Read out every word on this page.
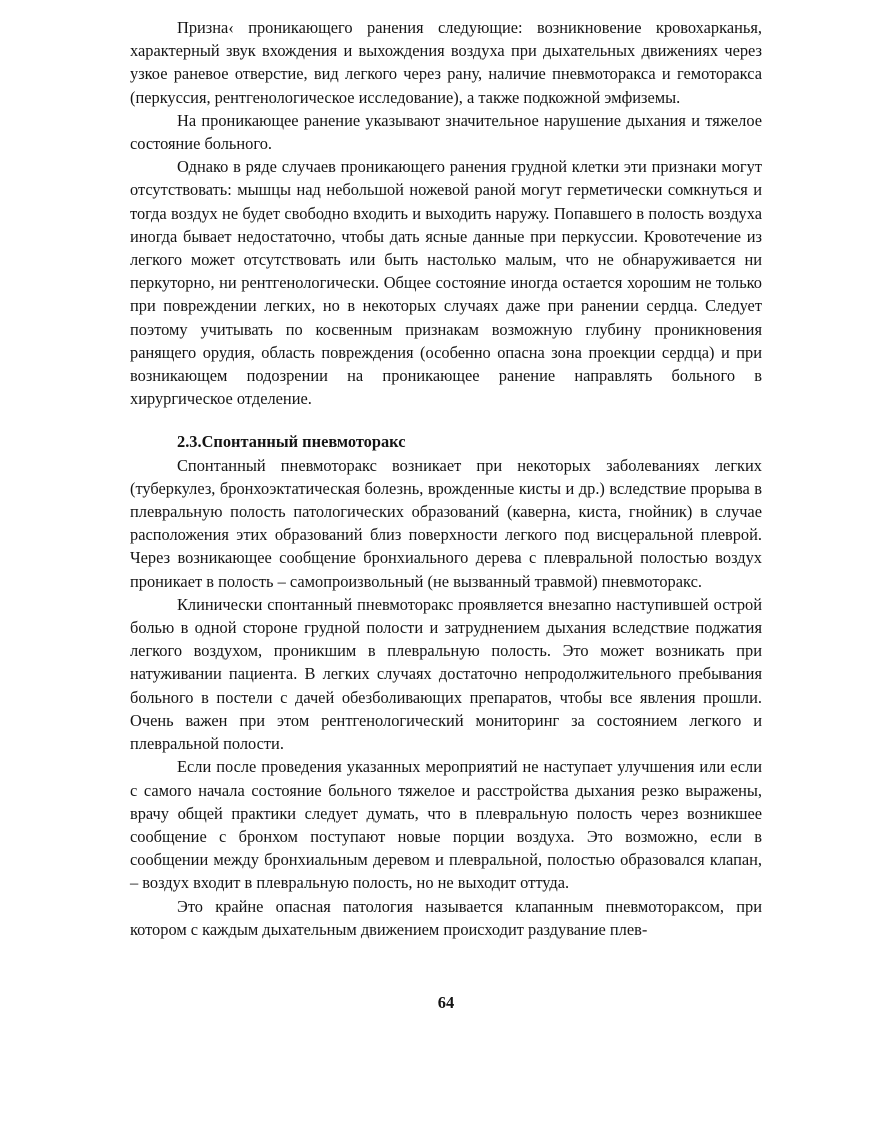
Призна‹ проникающего ранения следующие: возникновение кровохарканья, характерный звук вхождения и выхождения воздуха при дыхательных движениях через узкое раневое отверстие, вид легкого через рану, наличие пневмоторакса и гемоторакса (перкуссия, рентгенологическое исследование), а также подкожной эмфиземы.

На проникающее ранение указывают значительное нарушение дыхания и тяжелое состояние больного.

Однако в ряде случаев проникающего ранения грудной клетки эти признаки могут отсутствовать: мышцы над небольшой ножевой раной могут герметически сомкнуться и тогда воздух не будет свободно входить и выходить наружу. Попавшего в полость воздуха иногда бывает недостаточно, чтобы дать ясные данные при перкуссии. Кровотечение из легкого может отсутствовать или быть настолько малым, что не обнаруживается ни перкуторно, ни рентгенологически. Общее состояние иногда остается хорошим не только при повреждении легких, но в некоторых случаях даже при ранении сердца. Следует поэтому учитывать по косвенным признакам возможную глубину проникновения ранящего орудия, область повреждения (особенно опасна зона проекции сердца) и при возникающем подозрении на проникающее ранение направлять больного в хирургическое отделение.

2.3.Спонтанный пневмоторакс

Спонтанный пневмоторакс возникает при некоторых заболеваниях легких (туберкулез, бронхоэктатическая болезнь, врожденные кисты и др.) вследствие прорыва в плевральную полость патологических образований (каверна, киста, гнойник) в случае расположения этих образований близ поверхности легкого под висцеральной плеврой. Через возникающее сообщение бронхиального дерева с плевральной полостью воздух проникает в полость – самопроизвольный (не вызванный травмой) пневмоторакс.

Клинически спонтанный пневмоторакс проявляется внезапно наступившей острой болью в одной стороне грудной полости и затруднением дыхания вследствие поджатия легкого воздухом, проникшим в плевральную полость. Это может возникать при натуживании пациента. В легких случаях достаточно непродолжительного пребывания больного в постели с дачей обезболивающих препаратов, чтобы все явления прошли. Очень важен при этом рентгенологический мониторинг за состоянием легкого и плевральной полости.

Если после проведения указанных мероприятий не наступает улучшения или если с самого начала состояние больного тяжелое и расстройства дыхания резко выражены, врачу общей практики следует думать, что в плевральную полость через возникшее сообщение с бронхом поступают новые порции воздуха. Это возможно, если в сообщении между бронхиальным деревом и плевральной, полостью образовался клапан, – воздух входит в плевральную полость, но не выходит оттуда.

Это крайне опасная патология называется клапанным пневмотораксом, при котором с каждым дыхательным движением происходит раздувание плев-

64
